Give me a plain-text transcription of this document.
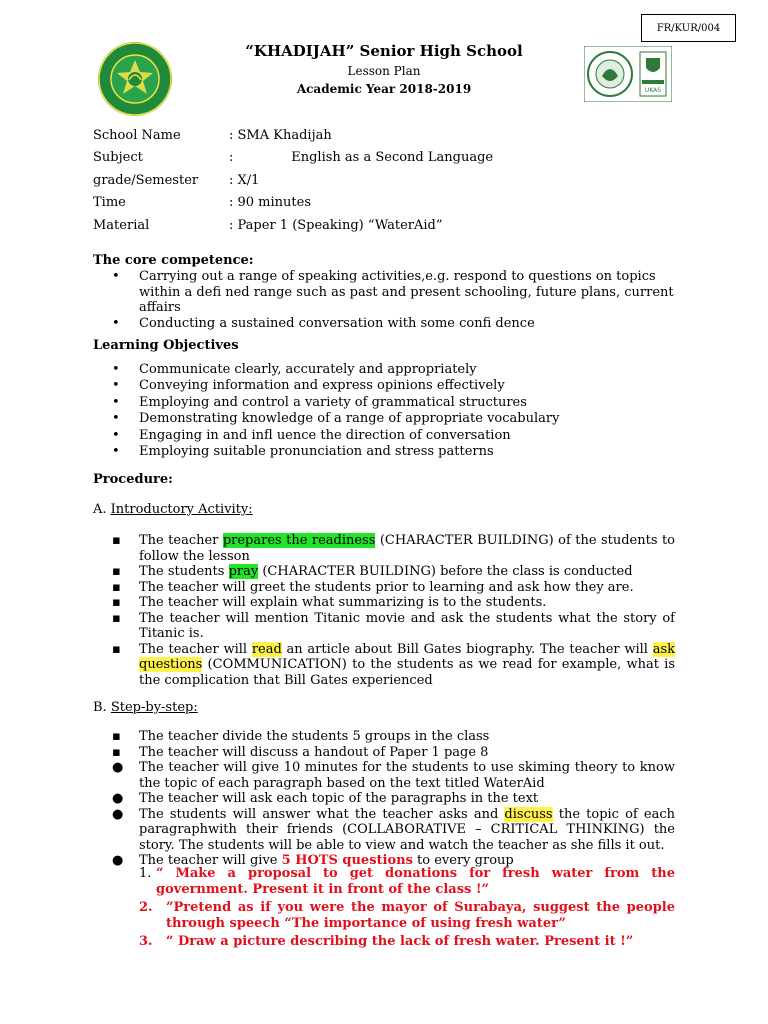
FR/KUR/004
“KHADIJAH” Senior High School
Lesson Plan
Academic Year 2018-2019	UKAS
School Name	: SMA Khadijah
Subject	:              English as a Second Language
grade/Semester : X/1
Time	: 90 minutes
Material	: Paper 1 (Speaking) “WaterAid”
The core competence:
• Carrying out a range of speaking activities,e.g. respond to questions on topics within a defi ned range such as past and present schooling, future plans, current affairs
• Conducting a sustained conversation with some confi dence
Learning Objectives
• Communicate clearly, accurately and appropriately
• Conveying information and express opinions effectively
• Employing and control a variety of grammatical structures
• Demonstrating knowledge of a range of appropriate vocabulary
• Engaging in and infl uence the direction of conversation
• Employing suitable pronunciation and stress patterns
Procedure:
A. Introductory Activity:
▪ The teacher prepares the readiness (CHARACTER BUILDING) of the students to follow the lesson
▪ The students pray (CHARACTER BUILDING) before the class is conducted
▪ The teacher will greet the students prior to learning and ask how they are.
▪ The teacher will explain what summarizing is to the students.
▪ The teacher will mention Titanic movie and ask the students what the story of Titanic is.
▪ The teacher will read an article about Bill Gates biography. The teacher will ask questions (COMMUNICATION) to the students as we read for example, what is the complication that Bill Gates experienced
B. Step-by-step:
▪ The teacher divide the students 5 groups in the class
▪ The teacher will discuss a handout of Paper 1 page 8
● The teacher will give 10 minutes for the students to use skiming theory to know the topic of each paragraph based on the text titled WaterAid
● The teacher will ask each topic of the paragraphs in the text
● The students will answer what the teacher asks and discuss the topic of each paragraphwith their friends (COLLABORATIVE – CRITICAL THINKING) the story. The students will be able to view and watch the teacher as she fills it out.
● The teacher will give 5 HOTS questions to every group
1. “ Make a proposal to get donations for fresh water from the government. Present it in front of the class !”
2. ”Pretend as if you were the mayor of Surabaya, suggest the people through speech “The importance of using fresh water”
3. “ Draw a picture describing the lack of fresh water. Present it !”
